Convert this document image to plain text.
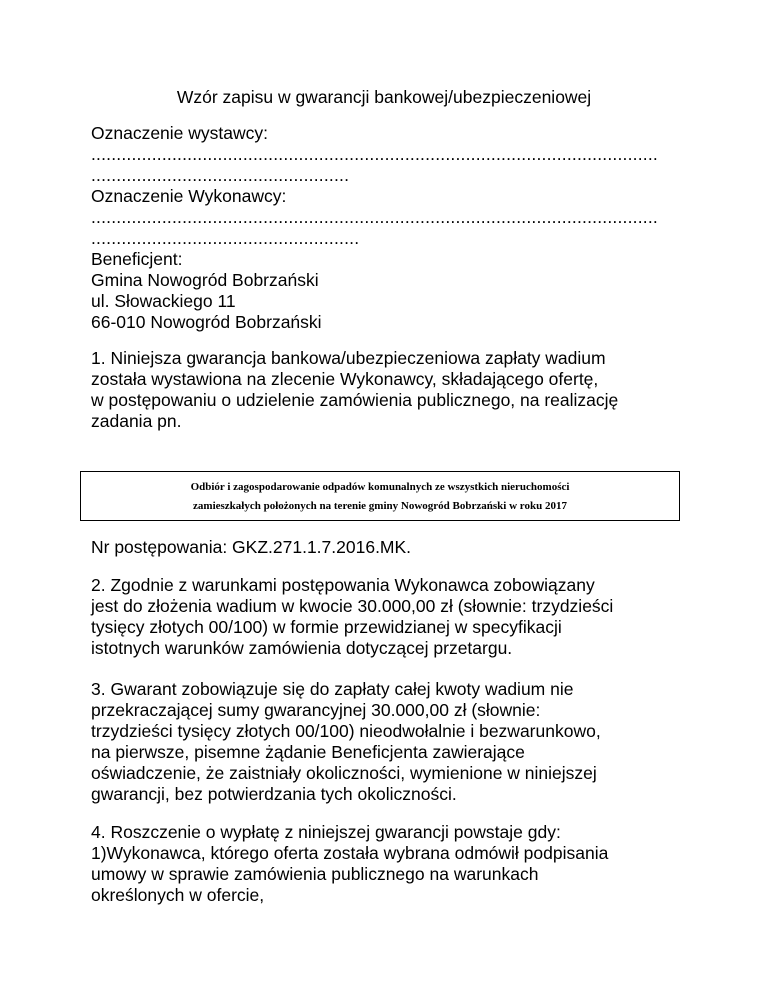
Wzór zapisu w gwarancji bankowej/ubezpieczeniowej
Oznaczenie wystawcy:
................................................................................................................
...................................................
Oznaczenie Wykonawcy:
................................................................................................................
.....................................................
Beneficjent:
Gmina Nowogród Bobrzański
ul. Słowackiego 11
66-010 Nowogród Bobrzański
1. Niniejsza gwarancja bankowa/ubezpieczeniowa zapłaty wadium
została wystawiona na zlecenie Wykonawcy, składającego ofertę,
w postępowaniu o udzielenie zamówienia publicznego, na realizację
zadania pn.
Odbiór i zagospodarowanie odpadów komunalnych ze wszystkich nieruchomości
zamieszkałych położonych na terenie gminy Nowogród Bobrzański w roku 2017
Nr postępowania: GKZ.271.1.7.2016.MK.
2. Zgodnie z warunkami postępowania Wykonawca zobowiązany
jest do złożenia wadium w kwocie 30.000,00 zł (słownie: trzydzieści
tysięcy złotych 00/100) w formie przewidzianej w specyfikacji
istotnych warunków zamówienia dotyczącej przetargu.
3. Gwarant zobowiązuje się do zapłaty całej kwoty wadium nie
przekraczającej sumy gwarancyjnej 30.000,00 zł (słownie:
trzydzieści tysięcy złotych 00/100) nieodwołalnie i bezwarunkowo,
na pierwsze, pisemne żądanie Beneficjenta zawierające
oświadczenie, że zaistniały okoliczności, wymienione w niniejszej
gwarancji, bez potwierdzania tych okoliczności.
4. Roszczenie o wypłatę z niniejszej gwarancji powstaje gdy:
1)Wykonawca, którego oferta została wybrana odmówił podpisania
umowy w sprawie zamówienia publicznego na warunkach
określonych w ofercie,
